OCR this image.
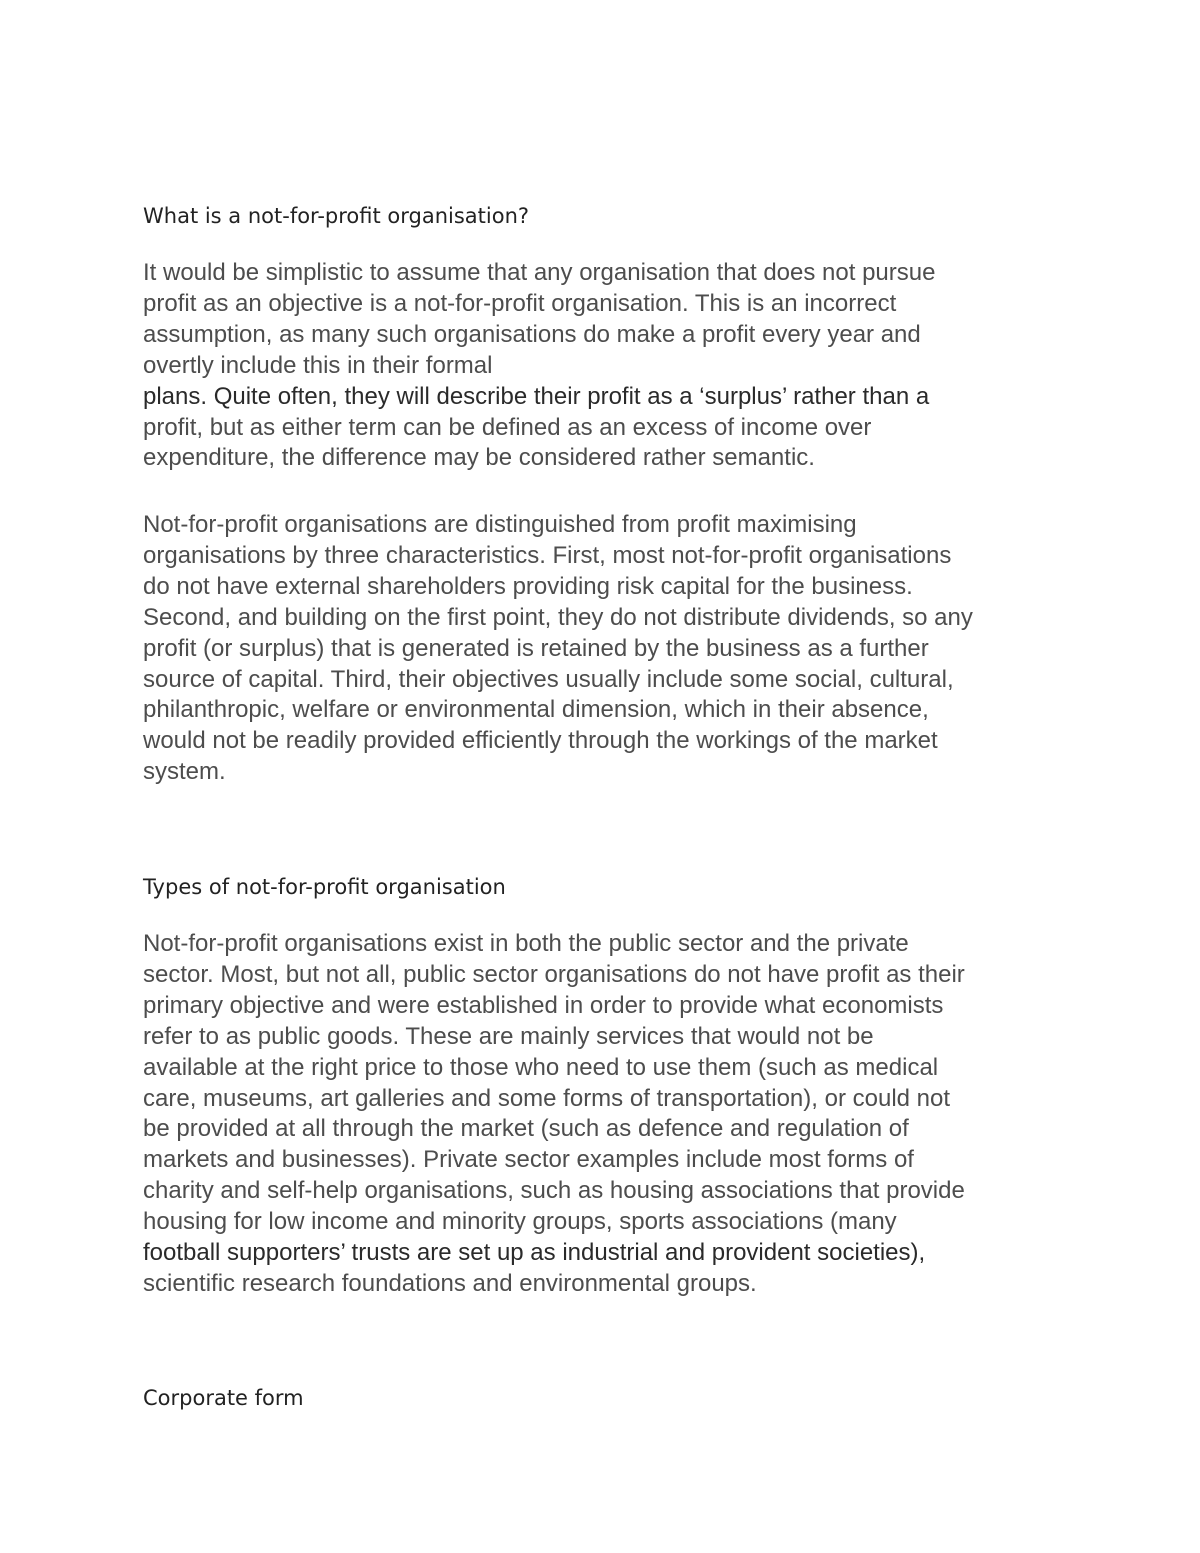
What is a not-for-profit organisation?
It would be simplistic to assume that any organisation that does not pursue
profit as an objective is a not-for-profit organisation. This is an incorrect
assumption, as many such organisations do make a profit every year and
overtly include this in their formal
plans. Quite often, they will describe their profit as a ‘surplus’ rather than a
profit, but as either term can be defined as an excess of income over
expenditure, the difference may be considered rather semantic.
Not-for-profit organisations are distinguished from profit maximising
organisations by three characteristics. First, most not-for-profit organisations
do not have external shareholders providing risk capital for the business.
Second, and building on the first point, they do not distribute dividends, so any
profit (or surplus) that is generated is retained by the business as a further
source of capital. Third, their objectives usually include some social, cultural,
philanthropic, welfare or environmental dimension, which in their absence,
would not be readily provided efficiently through the workings of the market
system.
Types of not-for-profit organisation
Not-for-profit organisations exist in both the public sector and the private
sector. Most, but not all, public sector organisations do not have profit as their
primary objective and were established in order to provide what economists
refer to as public goods. These are mainly services that would not be
available at the right price to those who need to use them (such as medical
care, museums, art galleries and some forms of transportation), or could not
be provided at all through the market (such as defence and regulation of
markets and businesses). Private sector examples include most forms of
charity and self-help organisations, such as housing associations that provide
housing for low income and minority groups, sports associations (many
football supporters’ trusts are set up as industrial and provident societies),
scientific research foundations and environmental groups.
Corporate form
